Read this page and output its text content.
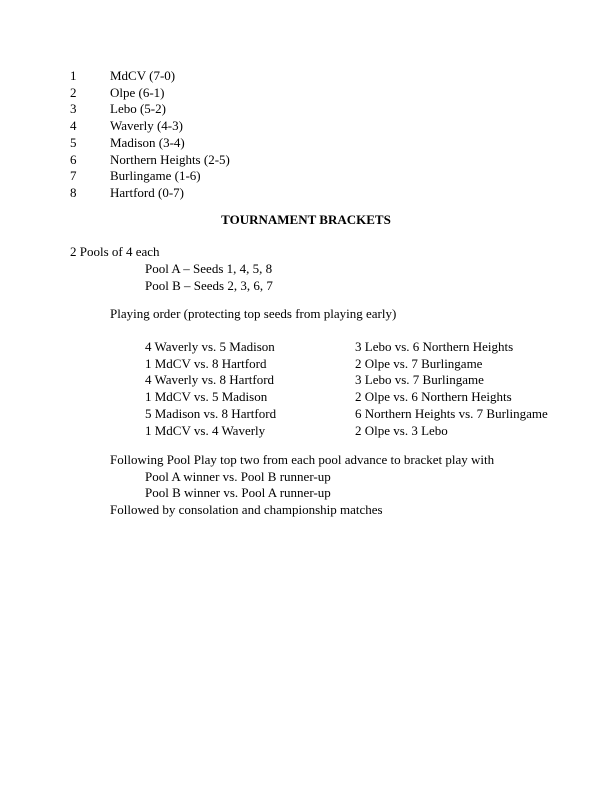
1	MdCV (7-0)
2	Olpe (6-1)
3	Lebo (5-2)
4	Waverly (4-3)
5	Madison (3-4)
6	Northern Heights (2-5)
7	Burlingame (1-6)
8	Hartford (0-7)
TOURNAMENT BRACKETS
2 Pools of 4 each
Pool A – Seeds 1, 4, 5, 8
Pool B – Seeds 2, 3, 6, 7
Playing order (protecting top seeds from playing early)
4 Waverly vs. 5 Madison	3 Lebo vs. 6 Northern Heights
1 MdCV vs. 8 Hartford	2 Olpe vs. 7 Burlingame
4 Waverly vs. 8 Hartford	3 Lebo vs. 7 Burlingame
1 MdCV vs. 5 Madison	2 Olpe vs. 6 Northern Heights
5 Madison vs. 8 Hartford	6 Northern Heights vs. 7 Burlingame
1 MdCV vs. 4 Waverly	2 Olpe vs. 3 Lebo
Following Pool Play top two from each pool advance to bracket play with
Pool A winner vs. Pool B runner-up
Pool B winner vs. Pool A runner-up
Followed by consolation and championship matches
